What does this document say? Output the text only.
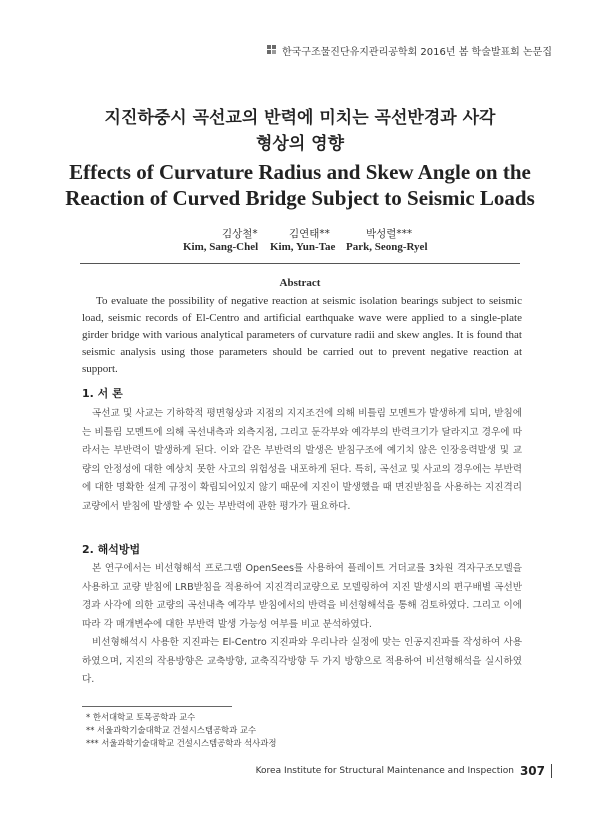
한국구조물진단유지관리공학회 2016년 봄 학술발표회 논문집
지진하중시 곡선교의 반력에 미치는 곡선반경과 사각
형상의 영향
Effects of Curvature Radius and Skew Angle on the
Reaction of Curved Bridge Subject to Seismic Loads
김상철*
Kim, Sang-Chel
김연태**
Kim, Yun-Tae
박성렬***
Park, Seong-Ryel
Abstract
To evaluate the possibility of negative reaction at seismic isolation bearings subject to seismic load, seismic records of El-Centro and artificial earthquake wave were applied to a single-plate girder bridge with various analytical parameters of curvature radii and skew angles. It is found that seismic analysis using those parameters should be carried out to prevent negative reaction at support.
1. 서 론

곡선교 및 사교는 기하학적 평면형상과 지점의 지지조건에 의해 비틀림 모멘트가 발생하게 되며, 받침에는 비틀림 모멘트에 의해 곡선내측과 외측지점, 그리고 둔각부와 예각부의 반력크기가 달라지고 경우에 따라서는 부반력이 발생하게 된다. 이와 같은 부반력의 발생은 받침구조에 예기치 않은 인장응력발생 및 교량의 안정성에 대한 예상치 못한 사고의 위험성을 내포하게 된다. 특히, 곡선교 및 사교의 경우에는 부반력에 대한 명확한 설계 규정이 확립되어있지 않기 때문에 지진이 발생했을 때 면진받침을 사용하는 지진격리교량에서 받침에 발생할 수 있는 부반력에 관한 평가가 필요하다.

2. 해석방법

본 연구에서는 비선형해석 프로그램 OpenSees를 사용하여 플레이트 거더교를 3차원 격자구조모델을 사용하고 교량 받침에 LRB받침을 적용하여 지진격리교량으로 모델링하여 지진 발생시의 편구배별 곡선반경과 사각에 의한 교량의 곡선내측 예각부 받침에서의 반력을 비선형해석을 통해 검토하였다. 그리고 이에 따라 각 매개변수에 대한 부반력 발생 가능성 여부를 비교 분석하였다.

비선형해석시 사용한 지진파는 El-Centro 지진파와 우리나라 실정에 맞는 인공지진파를 작성하여 사용하였으며, 지진의 작용방향은 교축방향, 교축직각방향 두 가지 방향으로 적용하여 비선형해석을 실시하였다.

* 한서대학교 토목공학과 교수
** 서울과학기술대학교 건설시스템공학과 교수
*** 서울과학기술대학교 건설시스템공학과 석사과정
Korea Institute for Structural Maintenance and Inspection 307
